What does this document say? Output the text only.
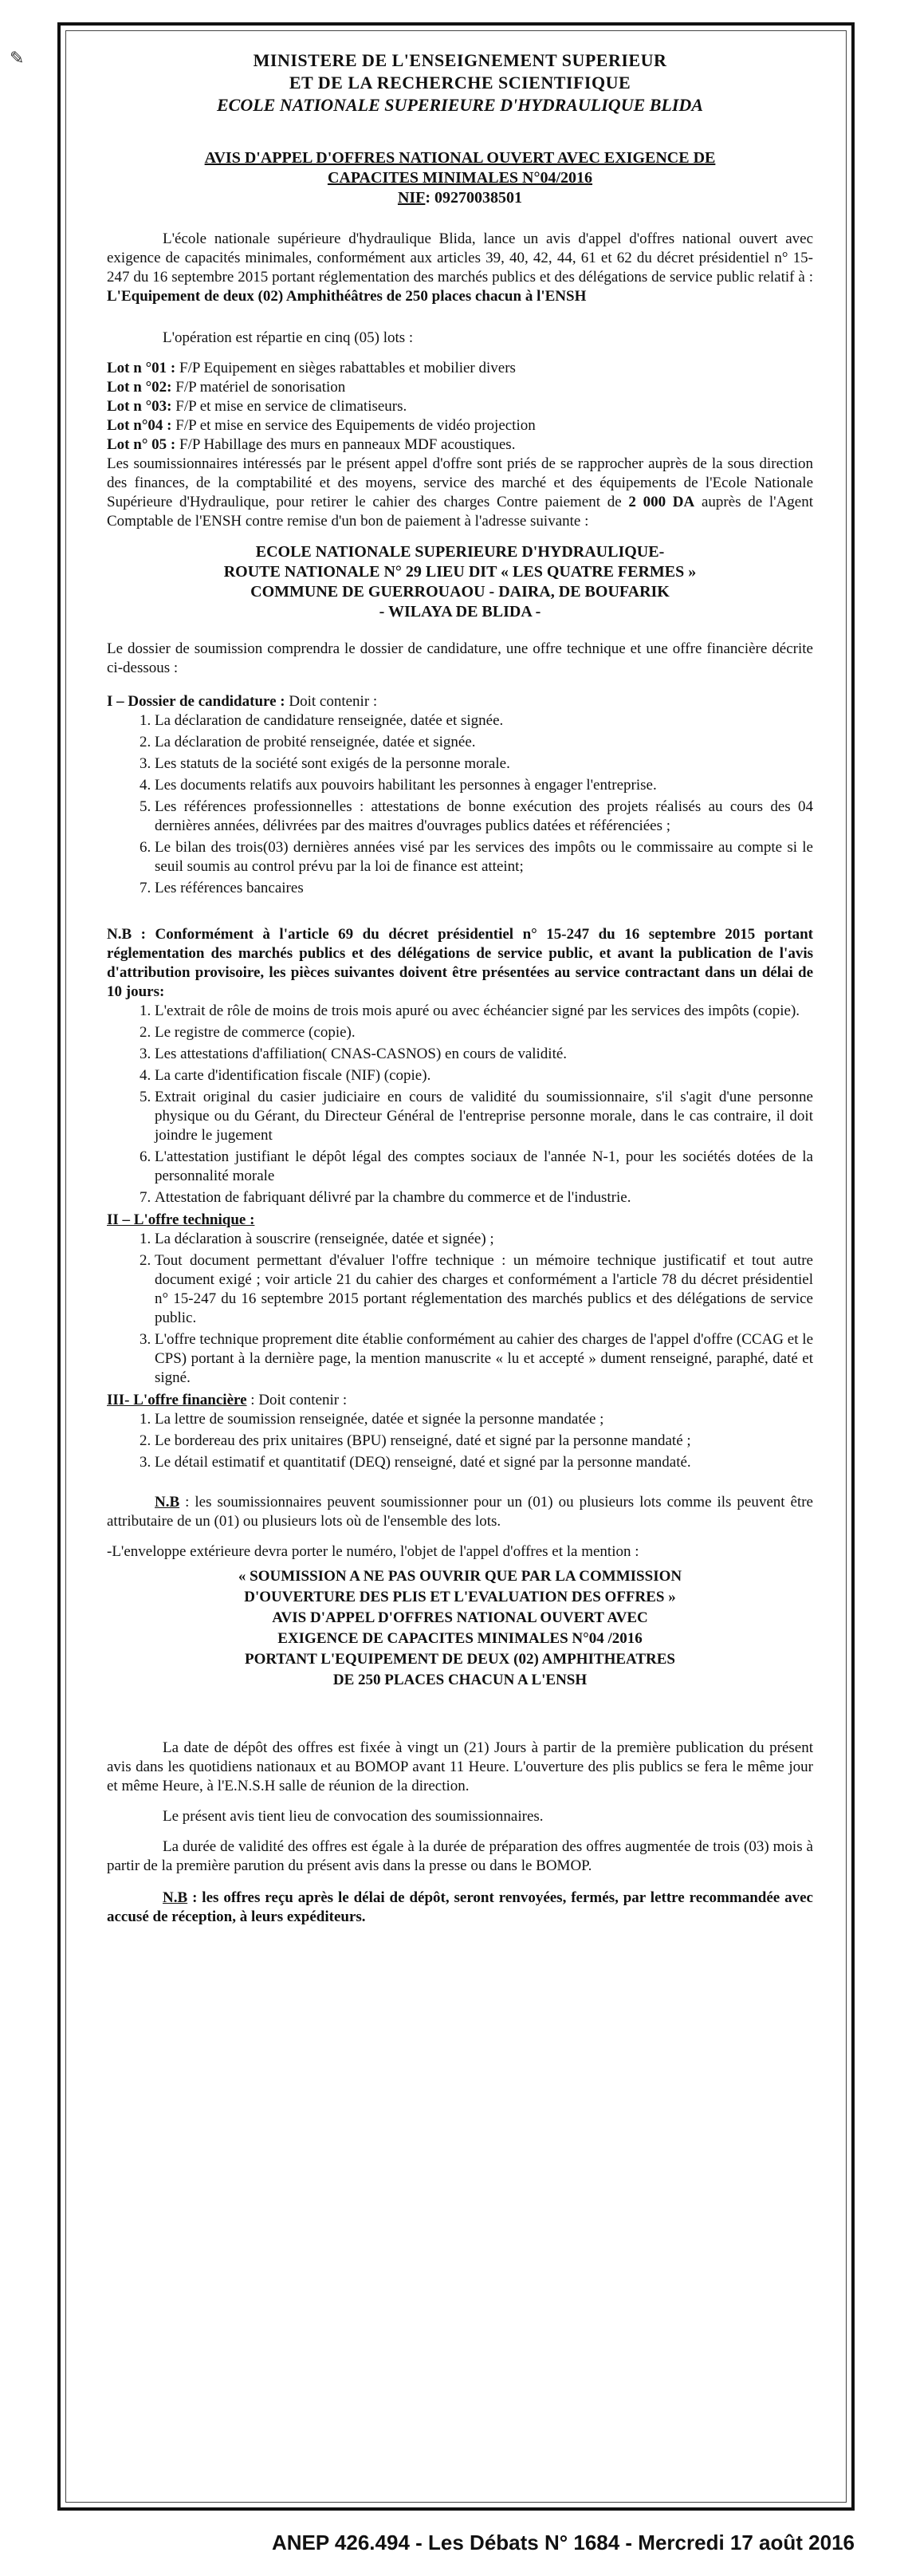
✎	MINISTERE DE L'ENSEIGNEMENT SUPERIEUR
ET DE LA RECHERCHE SCIENTIFIQUE
ECOLE NATIONALE SUPERIEURE D'HYDRAULIQUE BLIDA
AVIS D'APPEL D'OFFRES NATIONAL OUVERT AVEC EXIGENCE DE
CAPACITES MINIMALES N°04/2016
NIF: 09270038501

L'école nationale supérieure d'hydraulique Blida, lance un avis d'appel d'offres national ouvert avec exigence de capacités minimales, conformément aux articles 39, 40, 42, 44, 61 et 62 du décret présidentiel n° 15-247 du 16 septembre 2015 portant réglementation des marchés publics et des délégations de service public relatif à : L'Equipement de deux (02) Amphithéâtres de 250 places chacun à l'ENSH

L'opération est répartie en cinq (05) lots :

Lot n °01 : F/P Equipement en sièges rabattables et mobilier divers
Lot n °02: F/P matériel de sonorisation
Lot n °03: F/P et mise en service de climatiseurs.
Lot n°04 : F/P et mise en service des Equipements de vidéo projection
Lot n° 05 : F/P Habillage des murs en panneaux MDF acoustiques.

Les soumissionnaires intéressés par le présent appel d'offre sont priés de se rapprocher auprès de la sous direction des finances, de la comptabilité et des moyens, service des marché et des équipements de l'Ecole Nationale Supérieure d'Hydraulique, pour retirer le cahier des charges Contre paiement de 2 000 DA auprès de l'Agent Comptable de l'ENSH contre remise d'un bon de paiement à l'adresse suivante :

ECOLE NATIONALE SUPERIEURE D'HYDRAULIQUE-
ROUTE NATIONALE N° 29 LIEU DIT « LES QUATRE FERMES »
COMMUNE DE GUERROUAOU - DAIRA, DE BOUFARIK
- WILAYA DE BLIDA -

Le dossier de soumission comprendra le dossier de candidature, une offre technique et une offre financière décrite ci-dessous :

I – Dossier de candidature : Doit contenir :
1. La déclaration de candidature renseignée, datée et signée.
2. La déclaration de probité renseignée, datée et signée.
3. Les statuts de la société sont exigés de la personne morale.
4. Les documents relatifs aux pouvoirs habilitant les personnes à engager l'entreprise.
5. Les références professionnelles : attestations de bonne exécution des projets réalisés au cours des 04 dernières années, délivrées par des maitres d'ouvrages publics datées et référenciées ;
6. Le bilan des trois(03) dernières années visé par les services des impôts ou le commissaire au compte si le seuil soumis au control prévu par la loi de finance est atteint;
7. Les références bancaires
N.B : Conformément à l'article 69 du décret présidentiel n° 15-247 du 16 septembre 2015 portant réglementation des marchés publics et des délégations de service public, et avant la publication de l'avis d'attribution provisoire, les pièces suivantes doivent être présentées au service contractant dans un délai de 10 jours:
1. L'extrait de rôle de moins de trois mois apuré ou avec échéancier signé par les services des impôts (copie).
2. Le registre de commerce (copie).
3. Les attestations d'affiliation( CNAS-CASNOS) en cours de validité.
4. La carte d'identification fiscale (NIF) (copie).
5. Extrait original du casier judiciaire en cours de validité du soumissionnaire, s'il s'agit d'une personne physique ou du Gérant, du Directeur Général de l'entreprise personne morale, dans le cas contraire, il doit joindre le jugement
6. L'attestation justifiant le dépôt légal des comptes sociaux de l'année N-1, pour les sociétés dotées de la personnalité morale
7. Attestation de fabriquant délivré par la chambre du commerce et de l'industrie.
II – L'offre technique :
1. La déclaration à souscrire (renseignée, datée et signée) ;
2. Tout document permettant d'évaluer l'offre technique : un mémoire technique justificatif et tout autre document exigé ; voir article 21 du cahier des charges et conformément a l'article 78 du décret présidentiel n° 15-247 du 16 septembre 2015 portant réglementation des marchés publics et des délégations de service public.
3. L'offre technique proprement dite établie conformément au cahier des charges de l'appel d'offre (CCAG et le CPS) portant à la dernière page, la mention manuscrite « lu et accepté » dument renseigné, paraphé, daté et signé.
III- L'offre financière : Doit contenir :
1. La lettre de soumission renseignée, datée et signée la personne mandatée ;
2. Le bordereau des prix unitaires (BPU) renseigné, daté et signé par la personne mandaté ;
3. Le détail estimatif et quantitatif (DEQ) renseigné, daté et signé par la personne mandaté.

N.B : les soumissionnaires peuvent soumissionner pour un (01) ou plusieurs lots comme ils peuvent être attributaire de un (01) ou plusieurs lots où de l'ensemble des lots.

-L'enveloppe extérieure devra porter le numéro, l'objet de l'appel d'offres et la mention :

« SOUMISSION A NE PAS OUVRIR QUE PAR LA COMMISSION
D'OUVERTURE DES PLIS ET L'EVALUATION DES OFFRES »
AVIS D'APPEL D'OFFRES NATIONAL OUVERT AVEC
EXIGENCE DE CAPACITES MINIMALES N°04 /2016
PORTANT L'EQUIPEMENT DE DEUX (02) AMPHITHEATRES
DE 250 PLACES CHACUN A L'ENSH

La date de dépôt des offres est fixée à vingt un (21) Jours à partir de la première publication du présent avis dans les quotidiens nationaux et au BOMOP avant 11 Heure. L'ouverture des plis publics se fera le même jour et même Heure, à l'E.N.S.H salle de réunion de la direction.

Le présent avis tient lieu de convocation des soumissionnaires.

La durée de validité des offres est égale à la durée de préparation des offres augmentée de trois (03) mois à partir de la première parution du présent avis dans la presse ou dans le BOMOP.

N.B : les offres reçu après le délai de dépôt, seront renvoyées, fermés, par lettre recommandée avec accusé de réception, à leurs expéditeurs.

ANEP 426.494 - Les Débats N° 1684 - Mercredi 17 août 2016
